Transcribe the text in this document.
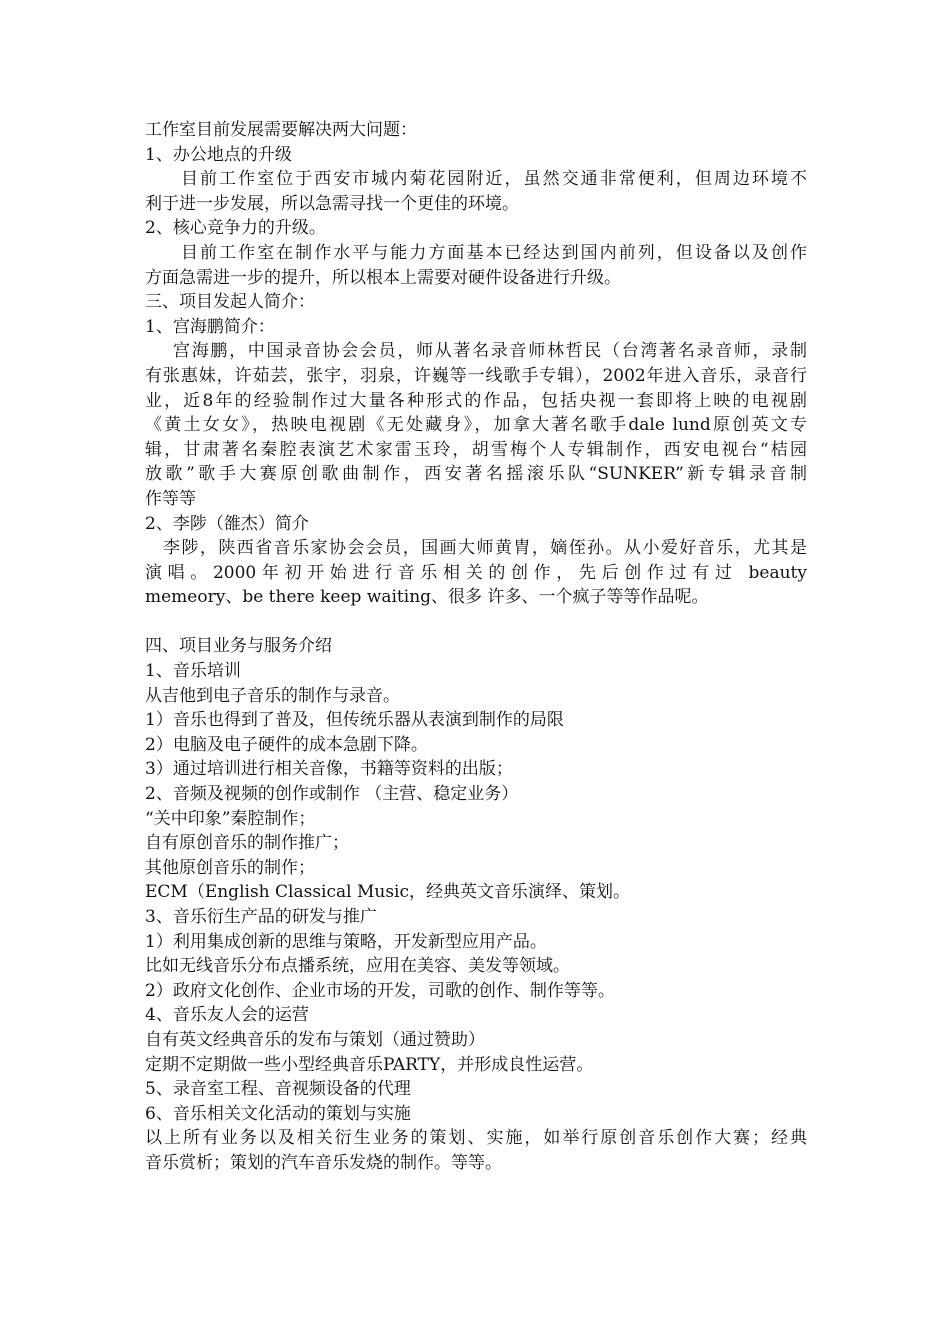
工作室目前发展需要解决两大问题：
1、办公地点的升级
目前工作室位于西安市城内菊花园附近，虽然交通非常便利，但周边环境不
利于进一步发展，所以急需寻找一个更佳的环境。
2、核心竞争力的升级。
目前工作室在制作水平与能力方面基本已经达到国内前列，但设备以及创作
方面急需进一步的提升，所以根本上需要对硬件设备进行升级。
三、项目发起人简介：
1、宫海鹏简介：
宫海鹏，中国录音协会会员，师从著名录音师林哲民（台湾著名录音师，录制
有张惠妹，许茹芸，张宇，羽泉，许巍等一线歌手专辑），2002年进入音乐，录音行
业，近8年的经验制作过大量各种形式的作品，包括央视一套即将上映的电视剧
《黄土女女》，热映电视剧《无处藏身》，加拿大著名歌手dale lund原创英文专
辑，甘肃著名秦腔表演艺术家雷玉玲，胡雪梅个人专辑制作，西安电视台“桔园
放歌”歌手大赛原创歌曲制作，西安著名摇滚乐队“SUNKER”新专辑录音制
作等等
2、李陟（雒杰）简介
李陟，陕西省音乐家协会会员，国画大师黄胄，嫡侄孙。从小爱好音乐，尤其是
演唱。2000年初开始进行音乐相关的创作，先后创作过有过 beauty
memeory、be there keep waiting、很多 许多、一个疯子等等作品呢。
四、项目业务与服务介绍
1、音乐培训
从吉他到电子音乐的制作与录音。
1）音乐也得到了普及，但传统乐器从表演到制作的局限
2）电脑及电子硬件的成本急剧下降。
3）通过培训进行相关音像，书籍等资料的出版；
2、音频及视频的创作或制作 （主营、稳定业务）
“关中印象”秦腔制作；
自有原创音乐的制作推广；
其他原创音乐的制作；
ECM（English Classical Music，经典英文音乐演绎、策划。
3、音乐衍生产品的研发与推广
1）利用集成创新的思维与策略，开发新型应用产品。
比如无线音乐分布点播系统，应用在美容、美发等领域。
2）政府文化创作、企业市场的开发，司歌的创作、制作等等。
4、音乐友人会的运营
自有英文经典音乐的发布与策划（通过赞助）
定期不定期做一些小型经典音乐PARTY，并形成良性运营。
5、录音室工程、音视频设备的代理
6、音乐相关文化活动的策划与实施
以上所有业务以及相关衍生业务的策划、实施，如举行原创音乐创作大赛；经典
音乐赏析；策划的汽车音乐发烧的制作。等等。
